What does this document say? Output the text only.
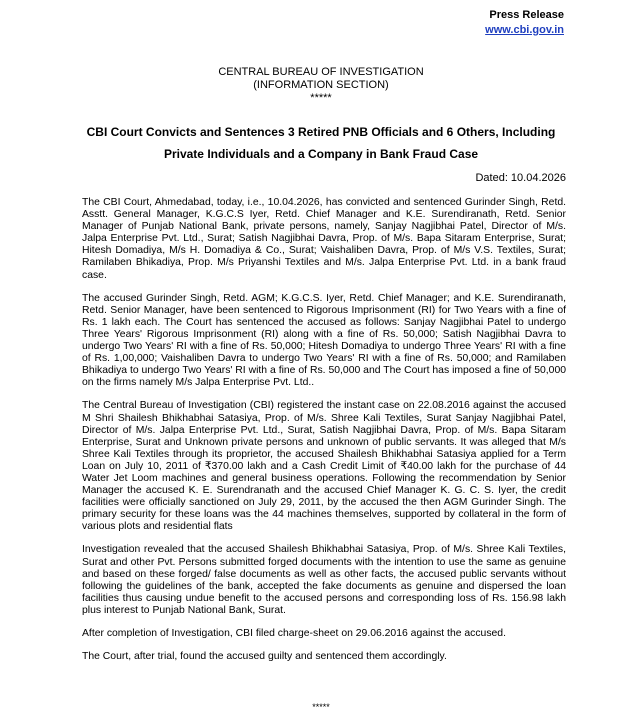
Press Release
www.cbi.gov.in
CENTRAL BUREAU OF INVESTIGATION
(INFORMATION SECTION)
*****
CBI Court Convicts and Sentences 3 Retired PNB Officials and 6 Others, Including
Private Individuals and a Company in Bank Fraud Case
Dated: 10.04.2026

The CBI Court, Ahmedabad, today, i.e., 10.04.2026, has convicted and sentenced Gurinder Singh, Retd. Asstt. General Manager, K.G.C.S Iyer, Retd. Chief Manager and K.E. Surendiranath, Retd. Senior Manager of Punjab National Bank, private persons, namely, Sanjay Nagjibhai Patel, Director of M/s. Jalpa Enterprise Pvt. Ltd., Surat; Satish Nagjibhai Davra, Prop. of M/s. Bapa Sitaram Enterprise, Surat; Hitesh Domadiya, M/s H. Domadiya & Co., Surat; Vaishaliben Davra, Prop. of M/s V.S. Textiles, Surat; Ramilaben Bhikadiya, Prop. M/s Priyanshi Textiles and M/s. Jalpa Enterprise Pvt. Ltd. in a bank fraud case.

The accused Gurinder Singh, Retd. AGM; K.G.C.S. Iyer, Retd. Chief Manager; and K.E. Surendiranath, Retd. Senior Manager, have been sentenced to Rigorous Imprisonment (RI) for Two Years with a fine of Rs. 1 lakh each. The Court has sentenced the accused as follows: Sanjay Nagjibhai Patel to undergo Three Years' Rigorous Imprisonment (RI) along with a fine of Rs. 50,000; Satish Nagjibhai Davra to undergo Two Years' RI with a fine of Rs. 50,000; Hitesh Domadiya to undergo Three Years' RI with a fine of Rs. 1,00,000; Vaishaliben Davra to undergo Two Years' RI with a fine of Rs. 50,000; and Ramilaben Bhikadiya to undergo Two Years' RI with a fine of Rs. 50,000 and The Court has imposed a fine of 50,000 on the firms namely M/s Jalpa Enterprise Pvt. Ltd..

The Central Bureau of Investigation (CBI) registered the instant case on 22.08.2016 against the accused M Shri Shailesh Bhikhabhai Satasiya, Prop. of M/s. Shree Kali Textiles, Surat Sanjay Nagjibhai Patel, Director of M/s. Jalpa Enterprise Pvt. Ltd., Surat, Satish Nagjibhai Davra, Prop. of M/s. Bapa Sitaram Enterprise, Surat and Unknown private persons and unknown of public servants. It was alleged that M/s Shree Kali Textiles through its proprietor, the accused Shailesh Bhikhabhai Satasiya applied for a Term Loan on July 10, 2011 of ₹370.00 lakh and a Cash Credit Limit of ₹40.00 lakh for the purchase of 44 Water Jet Loom machines and general business operations. Following the recommendation by Senior Manager the accused K. E. Surendranath and the accused Chief Manager K. G. C. S. Iyer, the credit facilities were officially sanctioned on July 29, 2011, by the accused the then AGM Gurinder Singh. The primary security for these loans was the 44 machines themselves, supported by collateral in the form of various plots and residential flats

Investigation revealed that the accused Shailesh Bhikhabhai Satasiya, Prop. of M/s. Shree Kali Textiles, Surat and other Pvt. Persons submitted forged documents with the intention to use the same as genuine and based on these forged/ false documents as well as other facts, the accused public servants without following the guidelines of the bank, accepted the fake documents as genuine and dispersed the loan facilities thus causing undue benefit to the accused persons and corresponding loss of Rs. 156.98 lakh plus interest to Punjab National Bank, Surat.

After completion of Investigation, CBI filed charge-sheet on 29.06.2016 against the accused.

The Court, after trial, found the accused guilty and sentenced them accordingly.

*****
